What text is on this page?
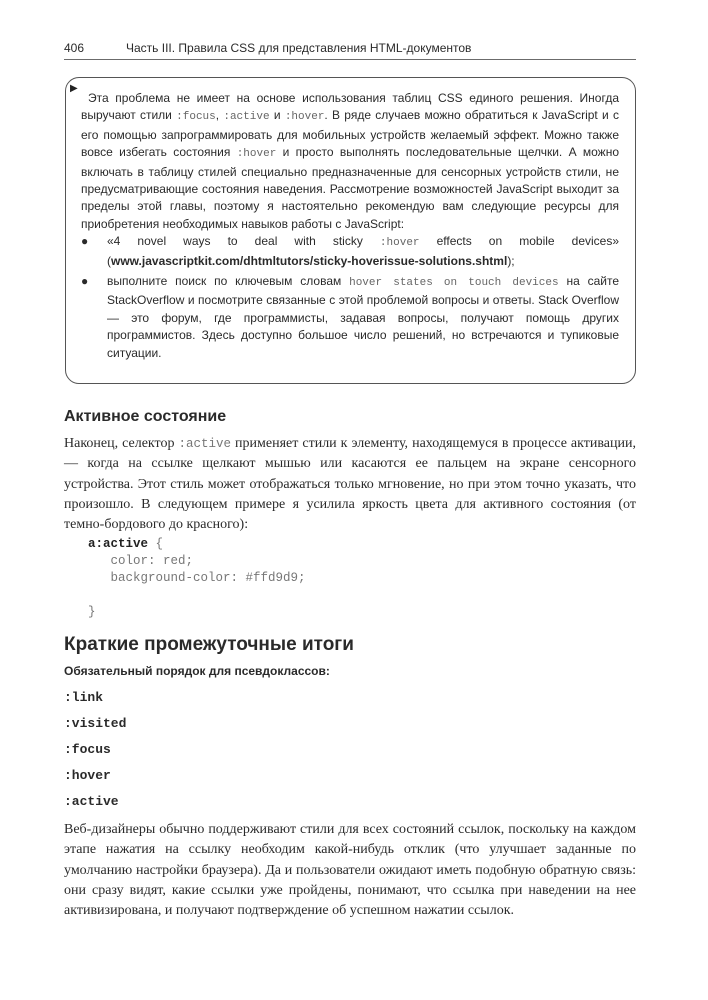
406	Часть III. Правила CSS для представления HTML-документов
▶

Эта проблема не имеет на основе использования таблиц CSS единого решения. Иногда выручают стили :focus, :active и :hover. В ряде случаев можно обратиться к JavaScript и с его помощью запрограммировать для мобильных устройств желаемый эффект. Можно также вовсе избегать состояния :hover и просто выполнять последовательные щелчки. А можно включать в таблицу стилей специально предназначенные для сенсорных устройств стили, не предусматривающие состояния наведения. Рассмотрение возможностей JavaScript выходит за пределы этой главы, поэтому я настоятельно рекомендую вам следующие ресурсы для приобретения необходимых навыков работы с JavaScript:

● «4 novel ways to deal with sticky :hover effects on mobile devices» (www.javascriptkit.com/dhtmltutors/sticky-hoverissue-solutions.shtml);
● выполните поиск по ключевым словам hover states on touch devices на сайте StackOverflow и посмотрите связанные с этой проблемой вопросы и ответы. Stack Overflow — это форум, где программисты, задавая вопросы, получают помощь других программистов. Здесь доступно большое число решений, но встречаются и тупиковые ситуации.
Активное состояние

Наконец, селектор :active применяет стили к элементу, находящемуся в процессе активации, — когда на ссылке щелкают мышью или касаются ее пальцем на экране сенсорного устройства. Этот стиль может отображаться только мгновение, но при этом точно указать, что произошло. В следующем примере я усилила яркость цвета для активного состояния (от темно-бордового до красного):

a:active {
color: red;
background-color: #ffd9d9;

}
Краткие промежуточные итоги
Обязательный порядок для псевдоклассов:
:link
:visited
:focus
:hover
:active

Веб-дизайнеры обычно поддерживают стили для всех состояний ссылок, поскольку на каждом этапе нажатия на ссылку необходим какой-нибудь отклик (что улучшает заданные по умолчанию настройки браузера). Да и пользователи ожидают иметь подобную обратную связь: они сразу видят, какие ссылки уже пройдены, понимают, что ссылка при наведении на нее активизирована, и получают подтверждение об успешном нажатии ссылок.
